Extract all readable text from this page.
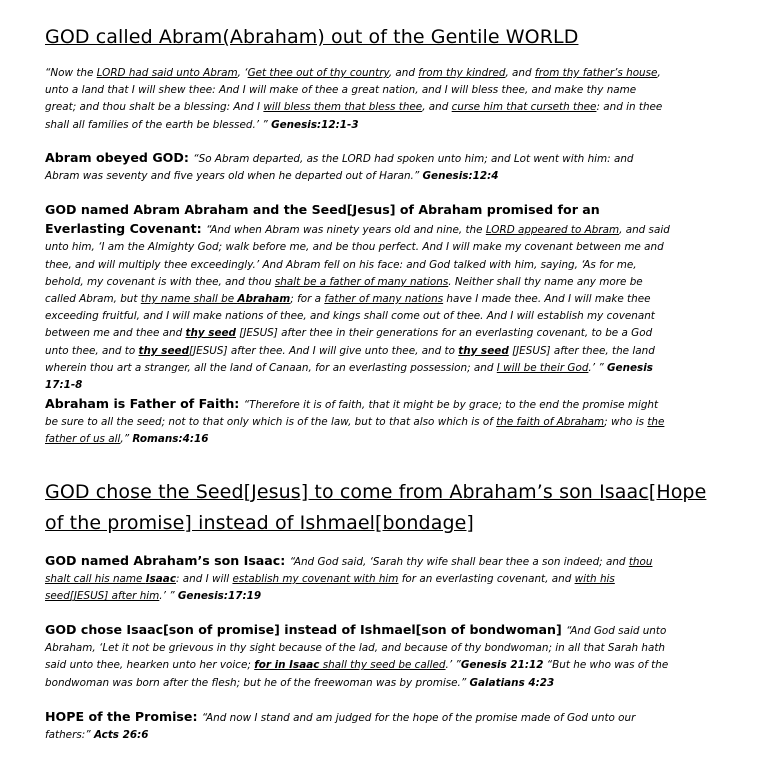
GOD called Abram(Abraham) out of the Gentile WORLD

“Now the LORD had said unto Abram, ‘Get thee out of thy country, and from thy kindred, and from thy father’s house, unto a land that I will shew thee: And I will make of thee a great nation, and I will bless thee, and make thy name great; and thou shalt be a blessing: And I will bless them that bless thee, and curse him that curseth thee: and in thee shall all families of the earth be blessed.’ ” Genesis:12:1-3

Abram obeyed GOD: “So Abram departed, as the LORD had spoken unto him; and Lot went with him: and Abram was seventy and five years old when he departed out of Haran.” Genesis:12:4

GOD named Abram Abraham and the Seed[Jesus] of Abraham promised for an Everlasting Covenant: “And when Abram was ninety years old and nine, the LORD appeared to Abram, and said unto him, ‘I am the Almighty God; walk before me, and be thou perfect. And I will make my covenant between me and thee, and will multiply thee exceedingly.’ And Abram fell on his face: and God talked with him, saying, ‘As for me, behold, my covenant is with thee, and thou shalt be a father of many nations. Neither shall thy name any more be called Abram, but thy name shall be Abraham; for a father of many nations have I made thee. And I will make thee exceeding fruitful, and I will make nations of thee, and kings shall come out of thee. And I will establish my covenant between me and thee and thy seed [JESUS] after thee in their generations for an everlasting covenant, to be a God unto thee, and to thy seed[JESUS] after thee. And I will give unto thee, and to thy seed [JESUS] after thee, the land wherein thou art a stranger, all the land of Canaan, for an everlasting possession; and I will be their God.’ ” Genesis 17:1-8

Abraham is Father of Faith: “Therefore it is of faith, that it might be by grace; to the end the promise might be sure to all the seed; not to that only which is of the law, but to that also which is of the faith of Abraham; who is the father of us all,” Romans:4:16

GOD chose the Seed[Jesus] to come from Abraham’s son Isaac[Hope
of the promise] instead of Ishmael[bondage]

GOD named Abraham’s son Isaac: “And God said, ‘Sarah thy wife shall bear thee a son indeed; and thou shalt call his name Isaac: and I will establish my covenant with him for an everlasting covenant, and with his seed[JESUS] after him.’ ” Genesis:17:19

GOD chose Isaac[son of promise] instead of Ishmael[son of bondwoman] “And God said unto Abraham, ‘Let it not be grievous in thy sight because of the lad, and because of thy bondwoman; in all that Sarah hath said unto thee, hearken unto her voice; for in Isaac shall thy seed be called.’ ”Genesis 21:12 “But he who was of the bondwoman was born after the flesh; but he of the freewoman was by promise.” Galatians 4:23

HOPE of the Promise: “And now I stand and am judged for the hope of the promise made of God unto our fathers:” Acts 26:6
